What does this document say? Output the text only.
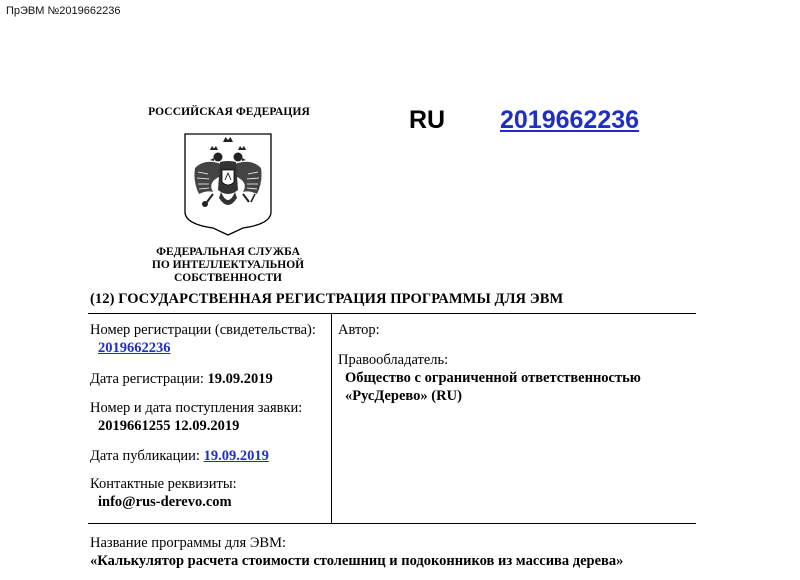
ПрЭВМ №2019662236
РОССИЙСКАЯ ФЕДЕРАЦИЯ
ФЕДЕРАЛЬНАЯ СЛУЖБА
ПО ИНТЕЛЛЕКТУАЛЬНОЙ СОБСТВЕННОСТИ
RU 2019662236
(12) ГОСУДАРСТВЕННАЯ РЕГИСТРАЦИЯ ПРОГРАММЫ ДЛЯ ЭВМ
Номер регистрации (свидетельства):
2019662236
Дата регистрации: 19.09.2019
Номер и дата поступления заявки:
2019661255 12.09.2019
Дата публикации: 19.09.2019
Контактные реквизиты:
info@rus-derevo.com
Автор:
Правообладатель:
Общество с ограниченной ответственностью
«РусДерево» (RU)
Название программы для ЭВМ:
«Калькулятор расчета стоимости столешниц и подоконников из массива дерева»
